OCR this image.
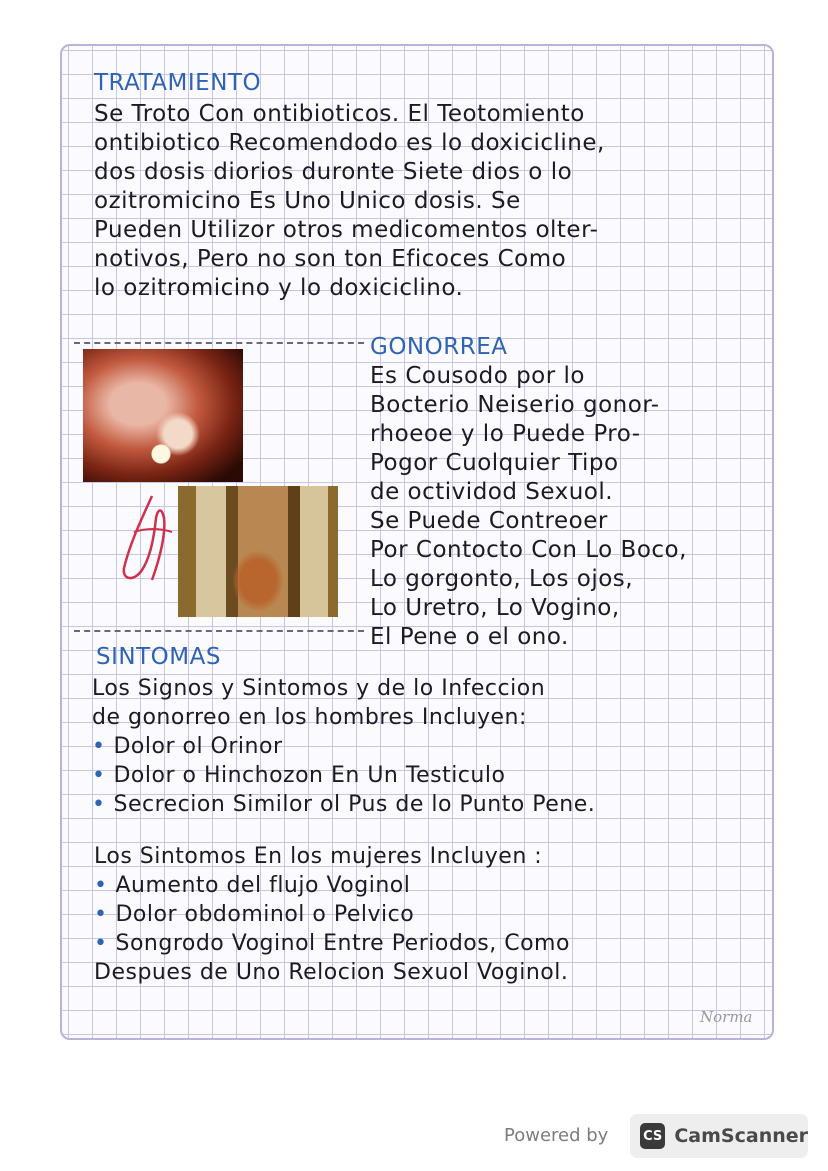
TRATAMIENTO
Se Troto Con ontibioticos. El Teotomiento
ontibiotico Recomendodo es lo doxicicline,
dos dosis diorios duronte Siete dios o lo
ozitromicino Es Uno Unico dosis. Se
Pueden Utilizor otros medicomentos olter-
notivos, Pero no son ton Eficoces Como
lo ozitromicino y lo doxiciclino.
GONORREA
Es Cousodo por lo
Bocterio Neiserio gonor-
rhoeoe y lo Puede Pro-
Pogor Cuolquier Tipo
de octividod Sexuol.
Se Puede Contreoer
Por Contocto Con Lo Boco,
Lo gorgonto, Los ojos,
Lo Uretro, Lo Vogino,
El Pene o el ono.
SINTOMAS
Los Signos y Sintomos y de lo Infeccion
de gonorreo en los hombres Incluyen:
• Dolor ol Orinor
• Dolor o Hinchozon En Un Testiculo
• Secrecion Similor ol Pus de lo Punto Pene.
Los Sintomos En los mujeres Incluyen :
• Aumento del flujo Voginol
• Dolor obdominol o Pelvico
• Songrodo Voginol Entre Periodos, Como
Despues de Uno Relocion Sexuol Voginol.
Norma
Powered by	CS CamScanner
